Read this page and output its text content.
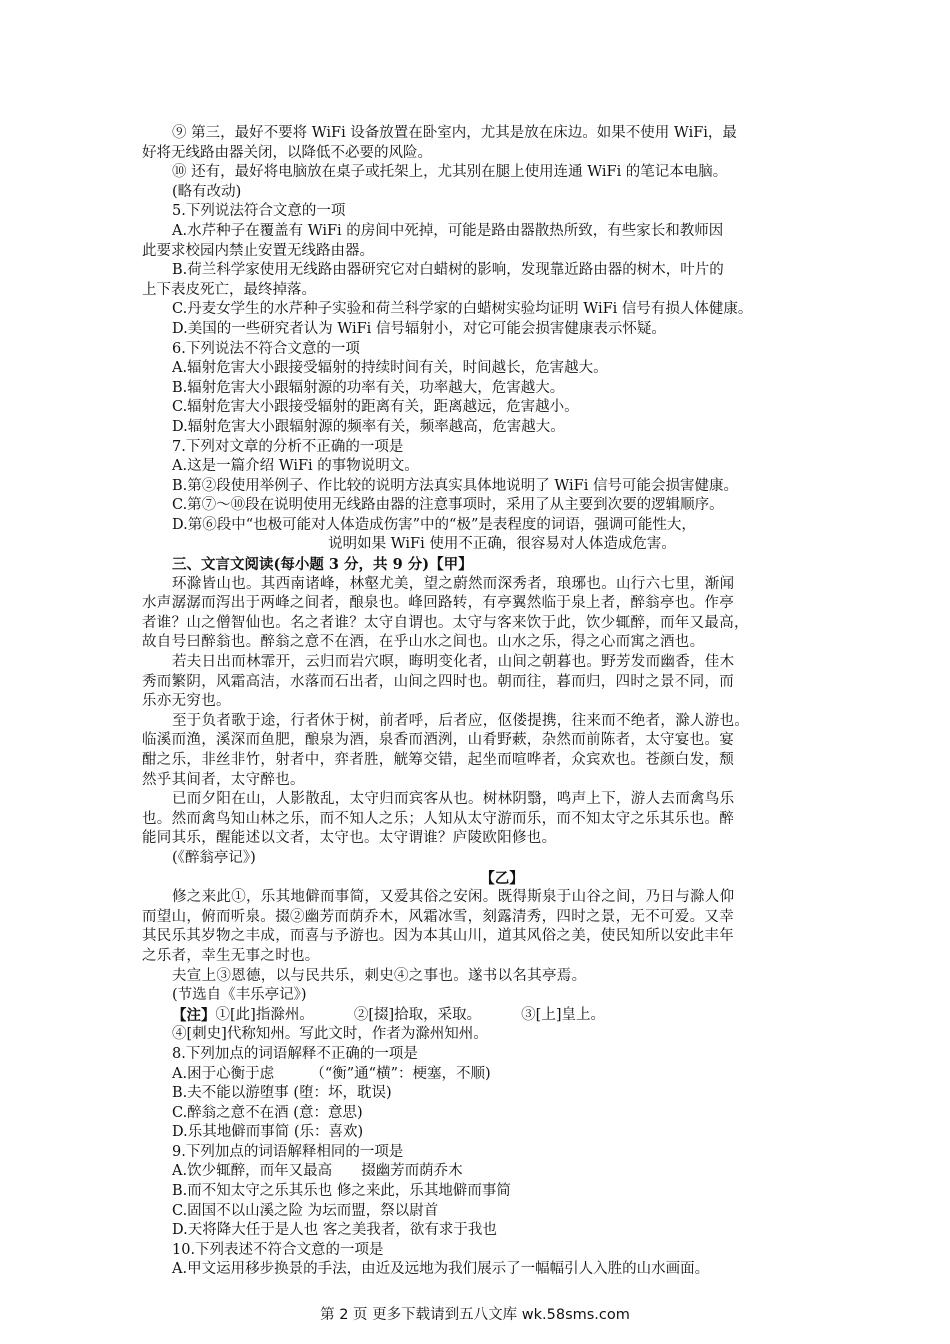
⑨ 第三，最好不要将 WiFi 设备放置在卧室内，尤其是放在床边。如果不使用 WiFi，最
好将无线路由器关闭，以降低不必要的风险。
⑩ 还有，最好将电脑放在桌子或托架上，尤其别在腿上使用连通 WiFi 的笔记本电脑。
(略有改动)
5.下列说法符合文意的一项
A.水芹种子在覆盖有 WiFi 的房间中死掉，可能是路由器散热所致，有些家长和教师因
此要求校园内禁止安置无线路由器。
B.荷兰科学家使用无线路由器研究它对白蜡树的影响，发现靠近路由器的树木，叶片的
上下表皮死亡，最终掉落。
C.丹麦女学生的水芹种子实验和荷兰科学家的白蜡树实验均证明 WiFi 信号有损人体健康。
D.美国的一些研究者认为 WiFi 信号辐射小，对它可能会损害健康表示怀疑。
6.下列说法不符合文意的一项
A.辐射危害大小跟接受辐射的持续时间有关，时间越长，危害越大。
B.辐射危害大小跟辐射源的功率有关，功率越大，危害越大。
C.辐射危害大小跟接受辐射的距离有关，距离越远，危害越小。
D.辐射危害大小跟辐射源的频率有关，频率越高，危害越大。
7.下列对文章的分析不正确的一项是
A.这是一篇介绍 WiFi 的事物说明文。
B.第②段使用举例子、作比较的说明方法真实具体地说明了 WiFi 信号可能会损害健康。
C.第⑦～⑩段在说明使用无线路由器的注意事项时，采用了从主要到次要的逻辑顺序。
D.第⑥段中“也极可能对人体造成伤害”中的“极”是表程度的词语，强调可能性大，
说明如果 WiFi 使用不正确，很容易对人体造成危害。
三、文言文阅读(每小题 3 分，共 9 分)【甲】
环滁皆山也。其西南诸峰，林壑尤美，望之蔚然而深秀者，琅琊也。山行六七里，渐闻
水声潺潺而泻出于两峰之间者，酿泉也。峰回路转，有亭翼然临于泉上者，醉翁亭也。作亭
者谁？山之僧智仙也。名之者谁？太守自谓也。太守与客来饮于此，饮少辄醉，而年又最高，
故自号曰醉翁也。醉翁之意不在酒，在乎山水之间也。山水之乐，得之心而寓之酒也。
若夫日出而林霏开，云归而岩穴暝，晦明变化者，山间之朝暮也。野芳发而幽香，佳木
秀而繁阴，风霜高洁，水落而石出者，山间之四时也。朝而往，暮而归，四时之景不同，而
乐亦无穷也。
至于负者歌于途，行者休于树，前者呼，后者应，伛偻提携，往来而不绝者，滁人游也。
临溪而渔，溪深而鱼肥，酿泉为酒，泉香而酒洌，山肴野蔌，杂然而前陈者，太守宴也。宴
酣之乐，非丝非竹，射者中，弈者胜，觥筹交错，起坐而喧哗者，众宾欢也。苍颜白发，颓
然乎其间者，太守醉也。
已而夕阳在山，人影散乱，太守归而宾客从也。树林阴翳，鸣声上下，游人去而禽鸟乐
也。然而禽鸟知山林之乐，而不知人之乐；人知从太守游而乐，而不知太守之乐其乐也。醉
能同其乐，醒能述以文者，太守也。太守谓谁？庐陵欧阳修也。
(《醉翁亭记》)
【乙】
修之来此①，乐其地僻而事简，又爱其俗之安闲。既得斯泉于山谷之间，乃日与滁人仰
而望山，俯而听泉。掇②幽芳而荫乔木，风霜冰雪，刻露清秀，四时之景，无不可爱。又幸
其民乐其岁物之丰成，而喜与予游也。因为本其山川，道其风俗之美，使民知所以安此丰年
之乐者，幸生无事之时也。
夫宣上③恩德，以与民共乐，刺史④之事也。遂书以名其亭焉。
(节选自《丰乐亭记》)
【注】 ①[此]指滁州。	②[掇]拾取，采取。	③[上]皇上。
④[刺史]代称知州。写此文时，作者为滁州知州。
8.下列加点的词语解释不正确的一项是
A.困于心衡于虑　　　（“衡”通“横”：梗塞，不顺)
B.夫不能以游堕事 (堕：坏，耽误)
C.醉翁之意不在酒 (意：意思)
D.乐其地僻而事简 (乐：喜欢)
9.下列加点的词语解释相同的一项是
A.饮少辄醉，而年又最高　　掇幽芳而荫乔木
B.而不知太守之乐其乐也 修之来此，乐其地僻而事简
C.固国不以山溪之险 为坛而盟，祭以尉首
D.天将降大任于是人也 客之美我者，欲有求于我也
10.下列表述不符合文意的一项是
A.甲文运用移步换景的手法，由近及远地为我们展示了一幅幅引人入胜的山水画面。
第 2 页 更多下载请到五八文库 wk.58sms.com
